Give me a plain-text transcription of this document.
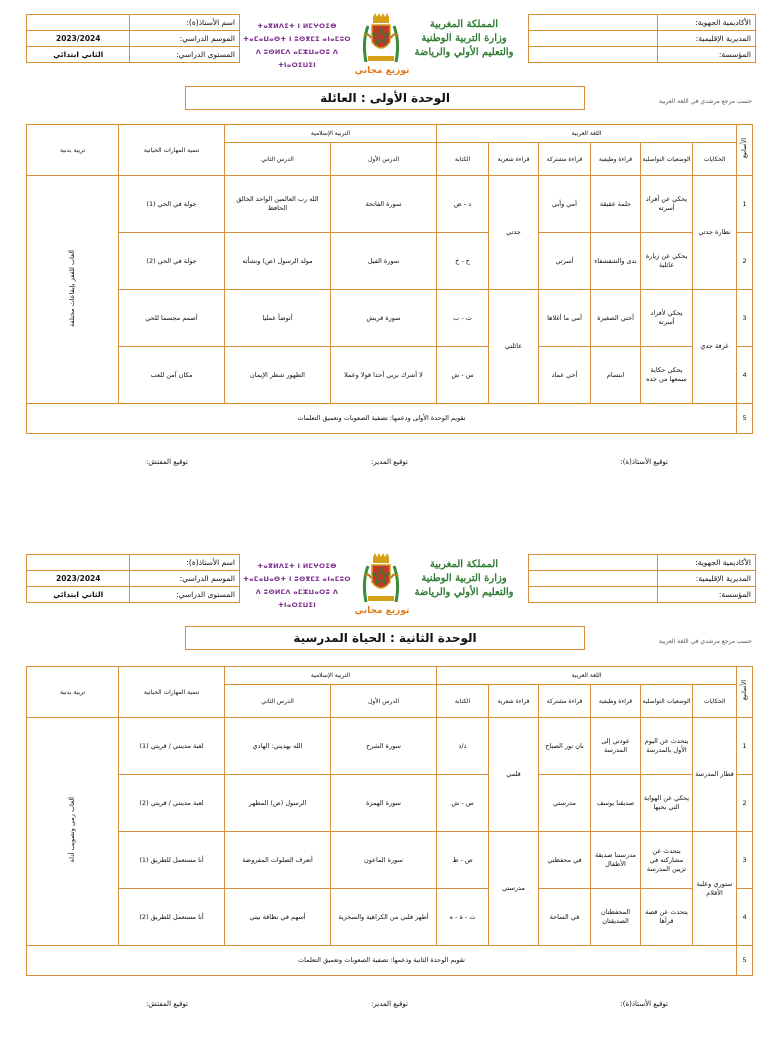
الأكاديمية الجهوية:	
المديرية الإقليمية:	
المؤسسة:	
المملكة المغربية
وزارة التربية الوطنية
والتعليم الأولي والرياضة
ⵜⴰⴳⵍⴷⵉⵜ ⵏ ⵍⵎⵖⵔⵉⴱ
ⵜⴰⵎⴰⵡⴰⵙⵜ ⵏ ⵓⵙⴳⵎⵉ ⴰⵏⴰⵎⵓⵔ
ⴷ ⵓⵙⵍⵎⴷ ⴰⵎⵣⵡⴰⵔⵓ ⴷ ⵜⵏⴰⵔⵉⵡⵉⵏ
توزيع مجاني
اسم الأستاذ(ة):	
الموسم الدراسي:	2023/2024
المستوى الدراسي:	الثاني ابتدائي
الوحدة الأولى : العائلة	حسب مرجع مرشدي في اللغة العربية
الأسابيع	اللغة العربية						التربية الإسلامية		تنمية المهارات الحياتية	تربية بدنية
	الحكايات	الوضعيات التواصلية	قراءة وظيفية	قراءة مشتركة	قراءة شعرية	الكتابة	الدرس الأول	الدرس الثاني		
1	نظارة جدتي	يحكي عن أفراد أسرته	حلمة عقيقة	أمي وأبي	جدتي	د - ض	سورة الفاتحة	الله رب العالمين الواحد الخالق الحافظ	جولة في الحي (1)	ألعاب للقفز بإيقاعات مختلفة
2		يحكي عن زيارة عائلية	ندى والشفشفاء	أسرتي		ح - خ	سورة الفيل	مولد الرسول (ص) ونشأته	جولة في الحي (2)	
3	غرفة جدي	يحكي لأفراد أسرته	أختي الصغيرة	أمي ما أغلاها	عائلتي	ت - ب	سورة قريش	أتوضأ عمليا	أصمم مجسما للحي	
4		يحكي حكاية سمعها من جده	ابتسام	أخي عماد		س - ش	لا أشرك بربي أحدا قولا وعملا	الطهور شطر الإيمان	مكان آمن للعب	
5	تقويم الوحدة الأولى ودعمها: تصفية الصعوبات وتعميق التعلمات									
توقيع الأستاذ(ة):
توقيع المدير:
توقيع المفتش:
الأكاديمية الجهوية:	
المديرية الإقليمية:	
المؤسسة:	
المملكة المغربية
وزارة التربية الوطنية
والتعليم الأولي والرياضة
ⵜⴰⴳⵍⴷⵉⵜ ⵏ ⵍⵎⵖⵔⵉⴱ
ⵜⴰⵎⴰⵡⴰⵙⵜ ⵏ ⵓⵙⴳⵎⵉ ⴰⵏⴰⵎⵓⵔ
ⴷ ⵓⵙⵍⵎⴷ ⴰⵎⵣⵡⴰⵔⵓ ⴷ ⵜⵏⴰⵔⵉⵡⵉⵏ
توزيع مجاني
اسم الأستاذ(ة):	
الموسم الدراسي:	2023/2024
المستوى الدراسي:	الثاني ابتدائي
الوحدة الثانية : الحياة المدرسية	حسب مرجع مرشدي في اللغة العربية
الأسابيع	اللغة العربية						التربية الإسلامية		تنمية المهارات الحياتية	تربية بدنية
	الحكايات	الوضعيات التواصلية	قراءة وظيفية	قراءة مشتركة	قراءة شعرية	الكتابة	الدرس الأول	الدرس الثاني		
1	قطار المدرسة	يتحدث عن اليوم الأول بالمدرسة	عودتي إلى المدرسة	بان نور الصباح	قلمي	د/ذ	سورة الشرح	الله يهديني: الهادي	لعبة مدينتي / قريتي (1)	ألعاب رمي وتصويب أداة
2		يحكي عن الهواية التي يحبها	صديقنا يوسف	مدرستي		س - ش	سورة الهمزة	الرسول (ص) المطهر	لعبة مدينتي / قريتي (2)	
3	ستوري وعلبة الأقلام	يتحدث عن مشاركته في تزيين المدرسة	مدرستنا صديقة الأطفال	في محفظتي	مدرستي	ص - ظ	سورة الماعون	أتعرف الصلوات المفروضة	أنا مستعمل للطريق (1)	
4		يتحدث عن قصة قرأها	المحفظتان الصديقتان	في الساحة		ت - ة - ه	أطهر قلبي من الكراهية والسخرية	أسهم في نظافة بيتي	أنا مستعمل للطريق (2)	
5	تقويم الوحدة الثانية ودعمها: تصفية الصعوبات وتعميق التعلمات									
توقيع الأستاذ(ة):
توقيع المدير:
توقيع المفتش:
